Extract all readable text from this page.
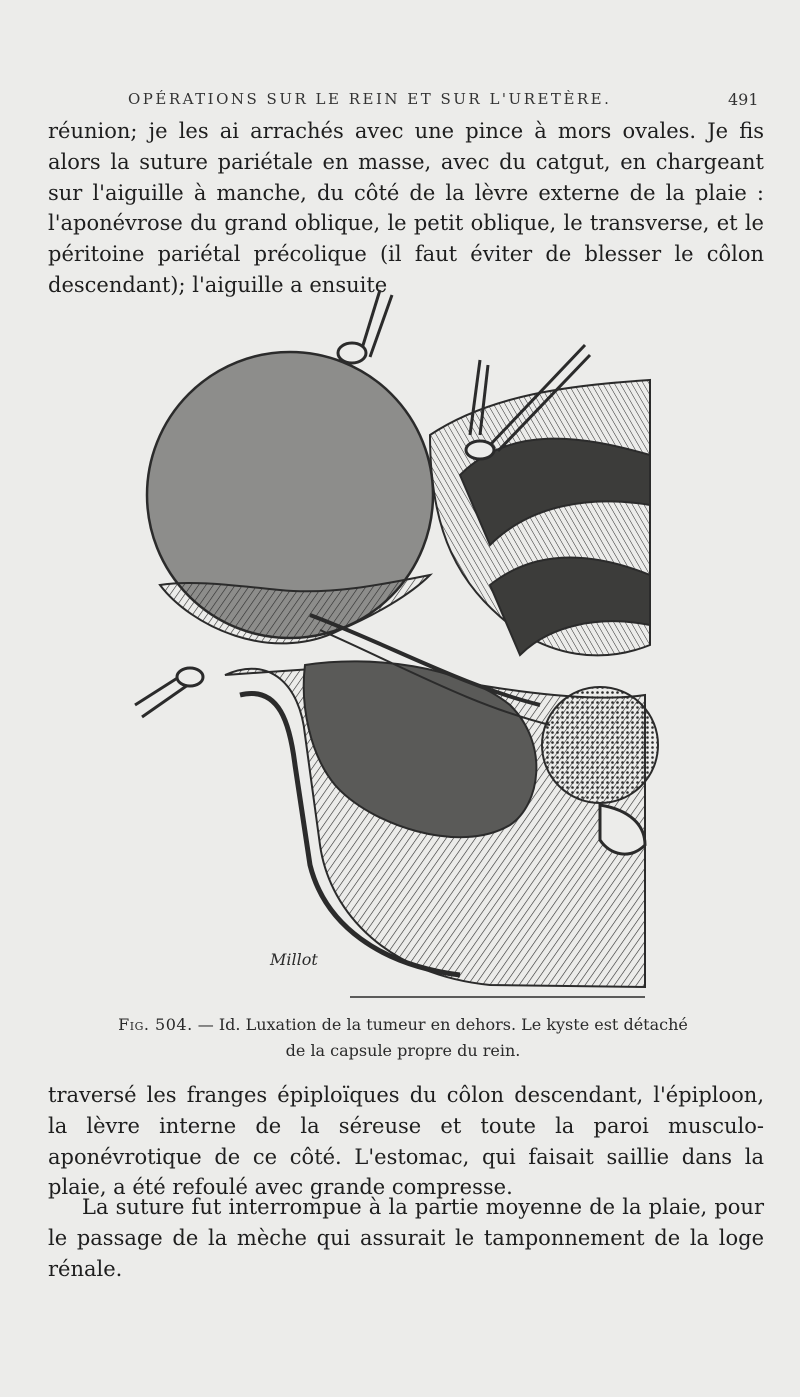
OPÉRATIONS SUR LE REIN ET SUR L'URETÈRE.	491

réunion; je les ai arrachés avec une pince à mors ovales. Je fis alors la suture pariétale en masse, avec du catgut, en chargeant sur l'aiguille à manche, du côté de la lèvre externe de la plaie : l'aponévrose du grand oblique, le petit oblique, le transverse, et le péritoine pariétal précolique (il faut éviter de blesser le côlon descendant); l'aiguille a ensuite

Millot
Fig. 504. — Id. Luxation de la tumeur en dehors. Le kyste est détaché de la capsule propre du rein.

traversé les franges épiploïques du côlon descendant, l'épiploon, la lèvre interne de la séreuse et toute la paroi musculo-aponévrotique de ce côté. L'estomac, qui faisait saillie dans la plaie, a été refoulé avec grande compresse.

La suture fut interrompue à la partie moyenne de la plaie, pour le passage de la mèche qui assurait le tamponnement de la loge rénale.
